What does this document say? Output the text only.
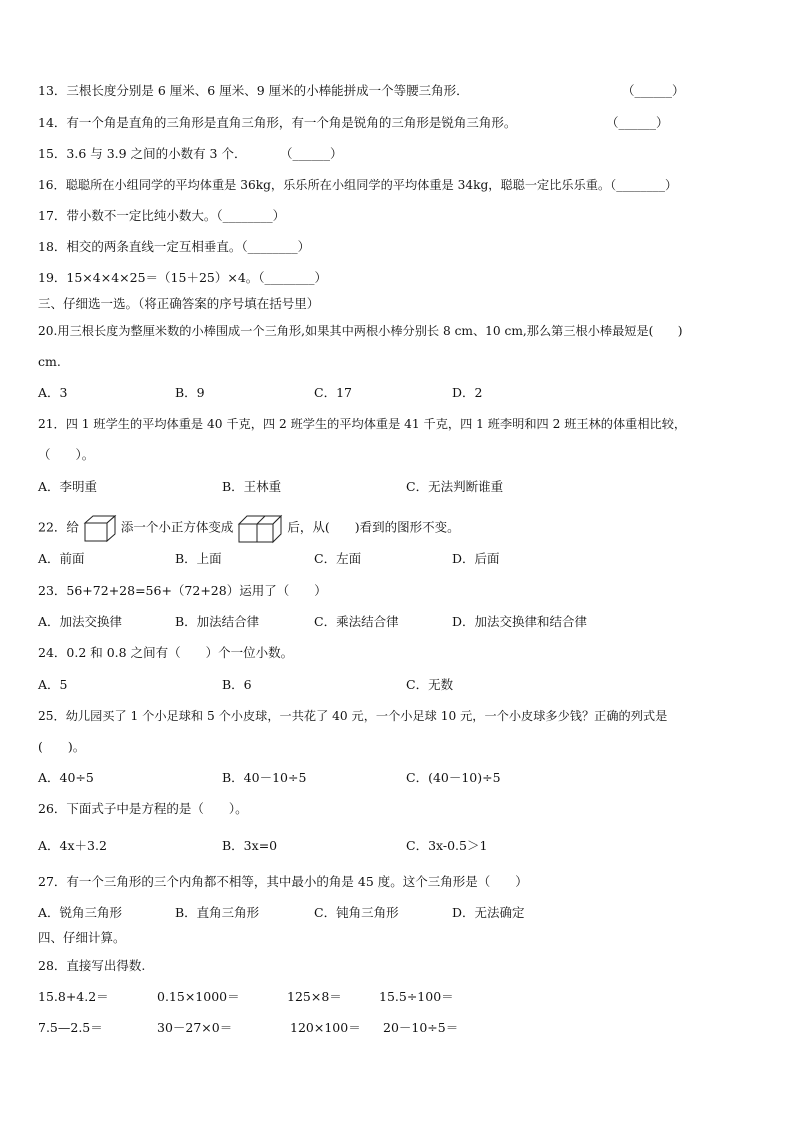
13．三根长度分别是 6 厘米、6 厘米、9 厘米的小棒能拼成一个等腰三角形．	（______）
14．有一个角是直角的三角形是直角三角形，有一个角是锐角的三角形是锐角三角形。	（______）
15．3.6 与 3.9 之间的小数有 3 个．	（______）
16．聪聪所在小组同学的平均体重是 36kg，乐乐所在小组同学的平均体重是 34kg，聪聪一定比乐乐重。（________）
17．带小数不一定比纯小数大。（________）
18．相交的两条直线一定互相垂直。（________）
19．15×4×4×25＝（15＋25）×4。（________）
三、仔细选一选。（将正确答案的序号填在括号里）
20.用三根长度为整厘米数的小棒围成一个三角形,如果其中两根小棒分别长 8 cm、10 cm,那么第三根小棒最短是(　　)
cm.
A．3	B．9	C．17	D．2
21．四 1 班学生的平均体重是 40 千克，四 2 班学生的平均体重是 41 千克，四 1 班李明和四 2 班王林的体重相比较，
（　　）。
A．李明重	B．王林重	C．无法判断谁重
22．给	添一个小正方体变成	后，从(　　)看到的图形不变。
A．前面	B．上面	C．左面	D．后面
23．56+72+28=56+（72+28）运用了（　　）
A．加法交换律	B．加法结合律	C．乘法结合律	D．加法交换律和结合律
24．0.2 和 0.8 之间有（　　）个一位小数。
A．5	B．6	C．无数
25．幼儿园买了 1 个小足球和 5 个小皮球，一共花了 40 元，一个小足球 10 元，一个小皮球多少钱？正确的列式是
(　　)。
A．40÷5	B．40－10÷5	C．(40－10)÷5
26．下面式子中是方程的是（　　）。
A．4x＋3.2	B．3x=0	C．3x-0.5＞1
27．有一个三角形的三个内角都不相等，其中最小的角是 45 度。这个三角形是（　　）
A．锐角三角形	B．直角三角形	C．钝角三角形	D．无法确定
四、仔细计算。
28．直接写出得数.
15.8+4.2＝	0.15×1000＝	125×8＝	15.5÷100＝
7.5—2.5＝	30－27×0＝	120×100＝ 20－10÷5＝
